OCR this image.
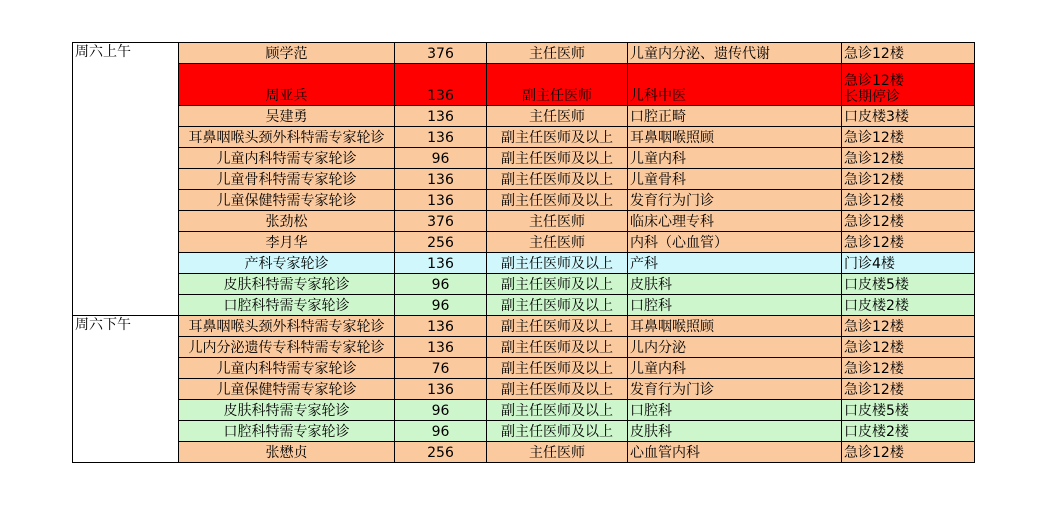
周六上午	顾学范	376	主任医师	儿童内分泌、遗传代谢	急诊12楼

	周亚兵	136	副主任医师	儿科中医	急诊12楼
长期停诊

	吴建勇	136	主任医师	口腔正畸	口皮楼3楼

	耳鼻咽喉头颈外科特需专家轮诊	136	副主任医师及以上	耳鼻咽喉照顾	急诊12楼

	儿童内科特需专家轮诊	96	副主任医师及以上	儿童内科	急诊12楼

	儿童骨科特需专家轮诊	136	副主任医师及以上	儿童骨科	急诊12楼

	儿童保健特需专家轮诊	136	副主任医师及以上	发育行为门诊	急诊12楼

	张劲松	376	主任医师	临床心理专科	急诊12楼

	李月华	256	主任医师	内科（心血管）	急诊12楼

	产科专家轮诊	136	副主任医师及以上	产科	门诊4楼

	皮肤科特需专家轮诊	96	副主任医师及以上	皮肤科	口皮楼5楼

	口腔科特需专家轮诊	96	副主任医师及以上	口腔科	口皮楼2楼

周六下午	耳鼻咽喉头颈外科特需专家轮诊	136	副主任医师及以上	耳鼻咽喉照顾	急诊12楼

	儿内分泌遗传专科特需专家轮诊	136	副主任医师及以上	儿内分泌	急诊12楼

	儿童内科特需专家轮诊	76	副主任医师及以上	儿童内科	急诊12楼

	儿童保健特需专家轮诊	136	副主任医师及以上	发育行为门诊	急诊12楼

	皮肤科特需专家轮诊	96	副主任医师及以上	口腔科	口皮楼5楼

	口腔科特需专家轮诊	96	副主任医师及以上	皮肤科	口皮楼2楼

	张懋贞	256	主任医师	心血管内科	急诊12楼
